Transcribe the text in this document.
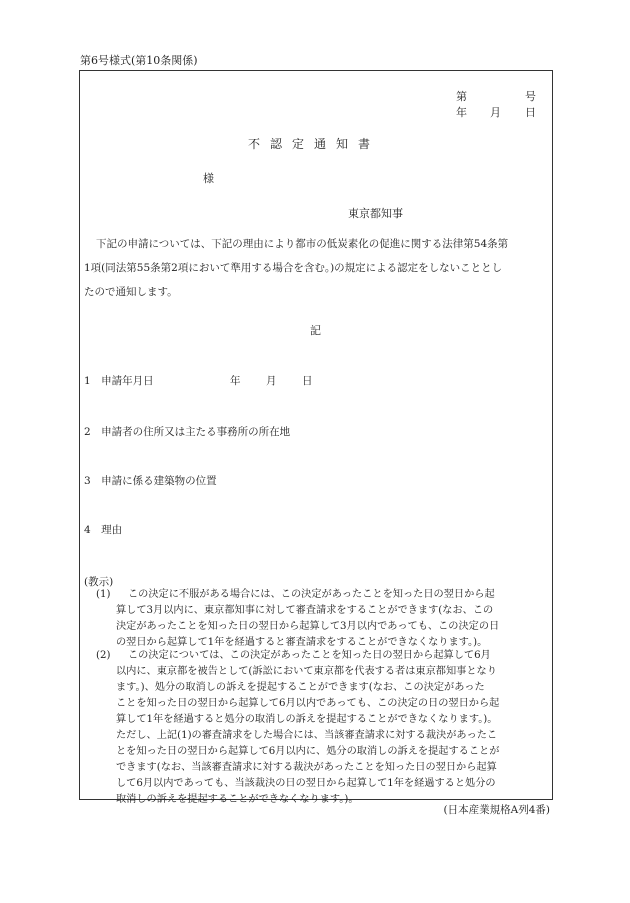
第6号様式(第10条関係)
第	号
年 月 日
不認定通知書
様
東京都知事
下記の申請については、下記の理由により都市の低炭素化の促進に関する法律第54条第
1項(同法第55条第2項において準用する場合を含む。)の規定による認定をしないこととし
たので通知します。
記
1　申請年月日	年 月 日
2　申請者の住所又は主たる事務所の所在地
3　申請に係る建築物の位置
4　理由
(教示)
(1)	この決定に不服がある場合には、この決定があったことを知った日の翌日から起
算して3月以内に、東京都知事に対して審査請求をすることができます(なお、この
決定があったことを知った日の翌日から起算して3月以内であっても、この決定の日
の翌日から起算して1年を経過すると審査請求をすることができなくなります。)。
(2)	この決定については、この決定があったことを知った日の翌日から起算して6月
以内に、東京都を被告として(訴訟において東京都を代表する者は東京都知事となり
ます。)、処分の取消しの訴えを提起することができます(なお、この決定があった
ことを知った日の翌日から起算して6月以内であっても、この決定の日の翌日から起
算して1年を経過すると処分の取消しの訴えを提起することができなくなります。)。
ただし、上記(1)の審査請求をした場合には、当該審査請求に対する裁決があったこ
とを知った日の翌日から起算して6月以内に、処分の取消しの訴えを提起することが
できます(なお、当該審査請求に対する裁決があったことを知った日の翌日から起算
して6月以内であっても、当該裁決の日の翌日から起算して1年を経過すると処分の
取消しの訴えを提起することができなくなります。)。
(日本産業規格A列4番)
